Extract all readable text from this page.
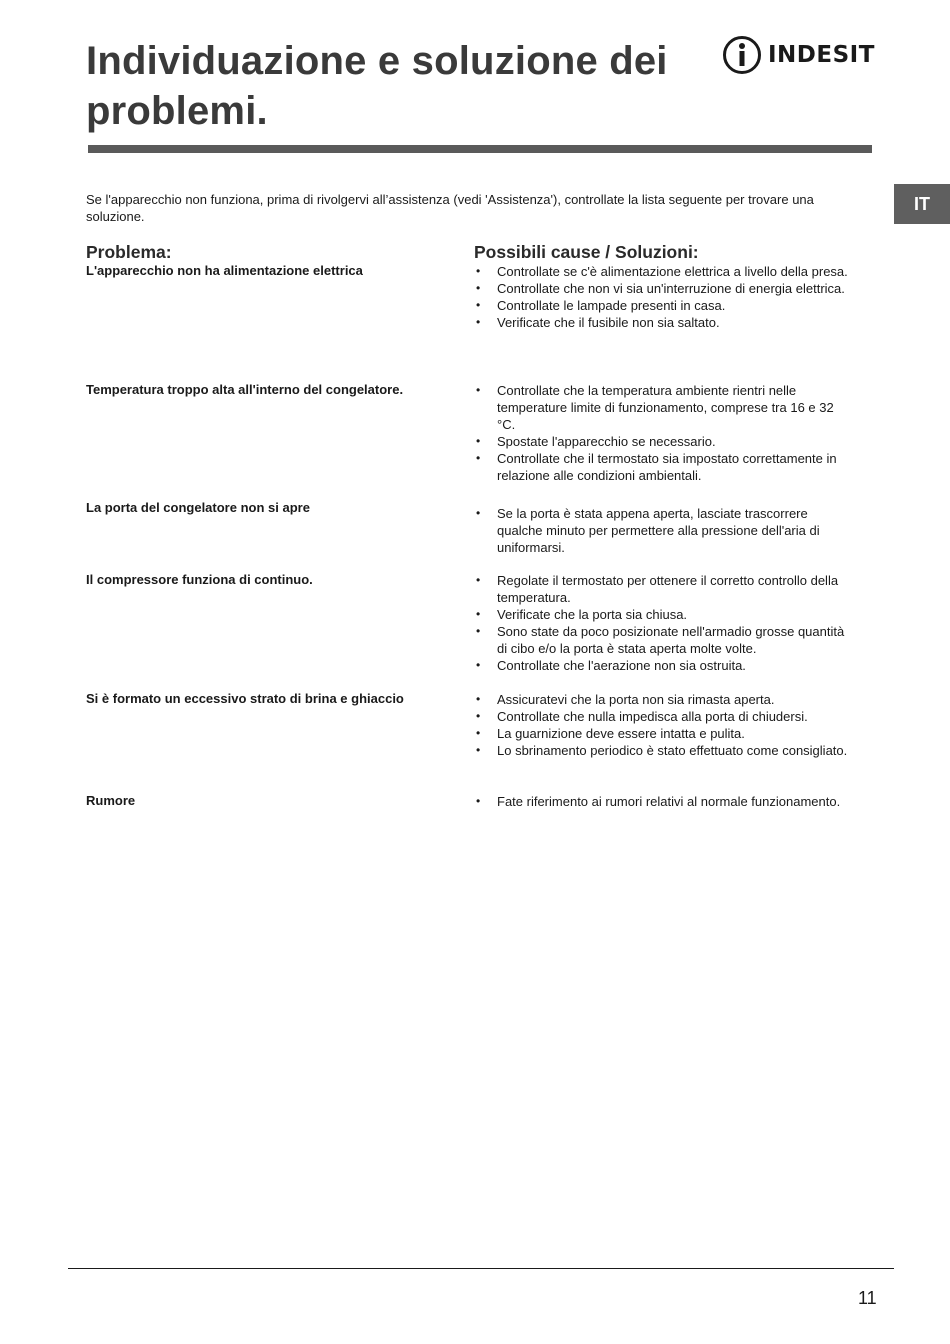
Individuazione e soluzione dei problemi.
INDESIT
IT

Se l'apparecchio non funziona, prima di rivolgervi all’assistenza (vedi 'Assistenza'), controllate la lista seguente per trovare una soluzione.

Problema:	Possibili cause / Soluzioni:
L'apparecchio non ha alimentazione elettrica	• Controllate se c'è alimentazione elettrica a livello della presa.
• Controllate che non vi sia un'interruzione di energia elettrica.
• Controllate le lampade presenti in casa.
• Verificate che il fusibile non sia saltato.
Temperatura troppo alta all'interno del congelatore.	• Controllate che la temperatura ambiente rientri nelle temperature limite di funzionamento, comprese tra 16 e 32 °C.
• Spostate l'apparecchio se necessario.
• Controllate che il termostato sia impostato correttamente in relazione alle condizioni ambientali.
La porta del congelatore non si apre	• Se la porta è stata appena aperta, lasciate trascorrere qualche minuto per permettere alla pressione dell'aria di uniformarsi.
Il compressore funziona di continuo.	• Regolate il termostato per ottenere il corretto controllo della temperatura.
• Verificate che la porta sia chiusa.
• Sono state da poco posizionate nell'armadio grosse quantità di cibo e/o la porta è stata aperta molte volte.
• Controllate che l'aerazione non sia ostruita.
Si è formato un eccessivo strato di brina e ghiaccio	• Assicuratevi che la porta non sia rimasta aperta.
• Controllate che nulla impedisca alla porta di chiudersi.
• La guarnizione deve essere intatta e pulita.
• Lo sbrinamento periodico è stato effettuato come consigliato.
Rumore	• Fate riferimento ai rumori relativi al normale funzionamento.
11
